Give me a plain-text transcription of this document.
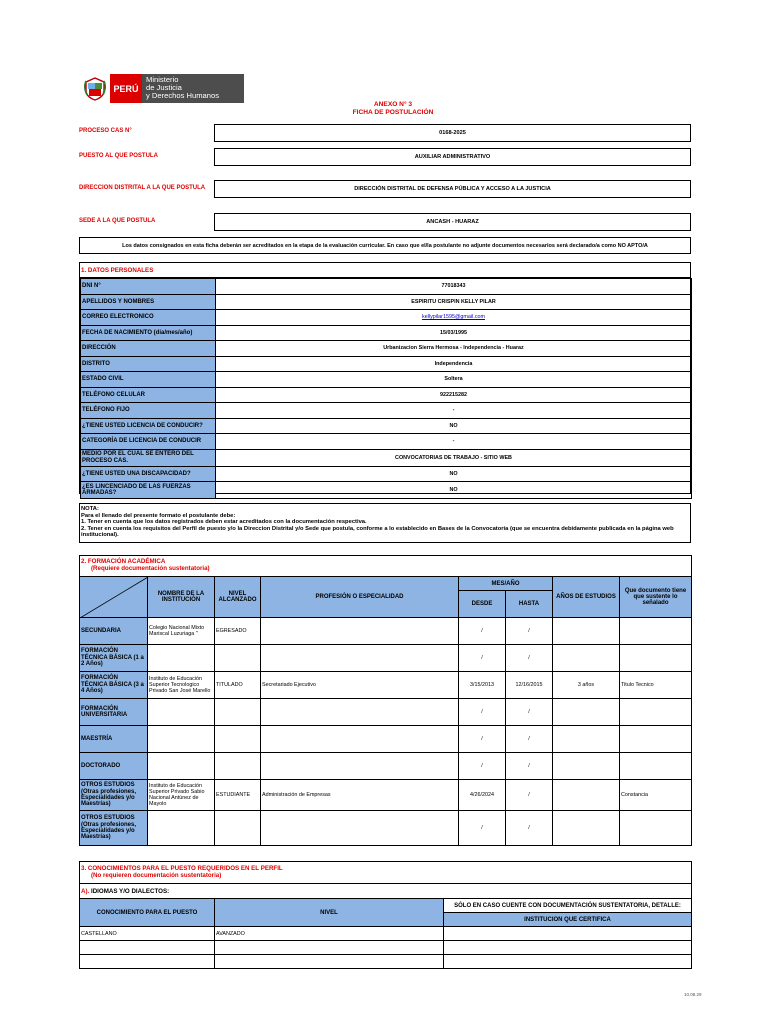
PERÚ
Ministerio
de Justicia
y Derechos Humanos
ANEXO N° 3
FICHA DE POSTULACIÓN
PROCESO CAS N°	0168-2025
PUESTO AL QUE POSTULA	AUXILIAR ADMINISTRATIVO
DIRECCION DISTRITAL A LA QUE POSTULA	DIRECCIÓN DISTRITAL DE DEFENSA PÚBLICA Y ACCESO A LA JUSTICIA
SEDE A LA QUE POSTULA	ANCASH - HUARAZ
Los datos consignados en esta ficha deberán ser acreditados en la etapa de la evaluación curricular. En caso que el/la postulante no adjunte documentos necesarios será declarado/a como NO APTO/A
1. DATOS PERSONALES
DNI N°	77018343
APELLIDOS Y NOMBRES	ESPIRITU CRISPIN KELLY PILAR
CORREO ELECTRONICO	kellypilar1595@gmail.com
FECHA DE NACIMIENTO (dia/mes/año)	15/03/1995
DIRECCIÓN	Urbanizacion Sierra Hermosa - Independencia - Huaraz
DISTRITO	Independencia
ESTADO CIVIL	Soltera
TELÉFONO CELULAR	922215282
TELÉFONO FIJO	-
¿TIENE USTED LICENCIA DE CONDUCIR?	NO
CATEGORÍA DE LICENCIA DE CONDUCIR	-
MEDIO POR EL CUAL SE ENTERO DEL PROCESO CAS.	CONVOCATORIAS DE TRABAJO - SITIO WEB
¿TIENE USTED UNA DISCAPACIDAD?	NO
¿ES LINCENCIADO DE LAS FUERZAS ARMADAS?	NO
NOTA:
Para el llenado del presente formato el postulante debe:
1. Tener en cuenta que los datos registrados deben estar acreditados con la documentación respectiva.
2. Tener en cuenta los requisitos del Perfil de puesto y/o la Direccion Distrital y/o Sede que postula, conforme a lo establecido en Bases de la Convocatoria (que se encuentra debidamente publicada en la página web institucional).
2. FORMACIÓN ACADÉMICA
(Requiere documentación sustentatoria)							

	NOMBRE DE LA INSTITUCIÓN	NIVEL ALCANZADO	PROFESIÓN O ESPECIALIDAD	MES/AÑO		AÑOS DE ESTUDIOS	Que documento tiene que sustente lo señalado
				DESDE	HASTA		
SECUNDARIA	Colegio Nacional Mixto Mariscal Luzuriaga "	EGRESADO		/	/		
FORMACIÓN TÉCNICA BÁSICA (1 a 2 Años)				/	/		
FORMACIÓN TÉCNICA BÁSICA (3 a 4 Años)	Instituto de Educación Superior Tecnologico Privado San José Marello	TITULADO	Secretariado Ejecutivo	3/15/2013	12/16/2015	3 años	Titulo Tecnico
FORMACIÓN UNIVERSITARIA				/	/		
MAESTRÍA				/	/		
DOCTORADO				/	/		
OTROS ESTUDIOS (Otras profesiones, Especialidades y/o Maestrías)	Instituto de Educación Superior Privado Sabio Nacional Antúnez de Mayolo	ESTUDIANTE	Administración de Empresas	4/26/2024	/		Constancia
OTROS ESTUDIOS (Otras profesiones, Especialidades y/o Maestrías)				/	/		
3. CONOCIMIENTOS PARA EL PUESTO REQUERIDOS EN EL PERFIL
(No requieren documentación sustentatoria)		

A). IDIOMAS Y/O DIALECTOS:		
CONOCIMIENTO PARA EL PUESTO	NIVEL	SÓLO EN CASO CUENTE CON DOCUMENTACIÓN SUSTENTATORIA, DETALLE:
		INSTITUCION QUE CERTIFICA
CASTELLANO	AVANZADO	

10.08.29
